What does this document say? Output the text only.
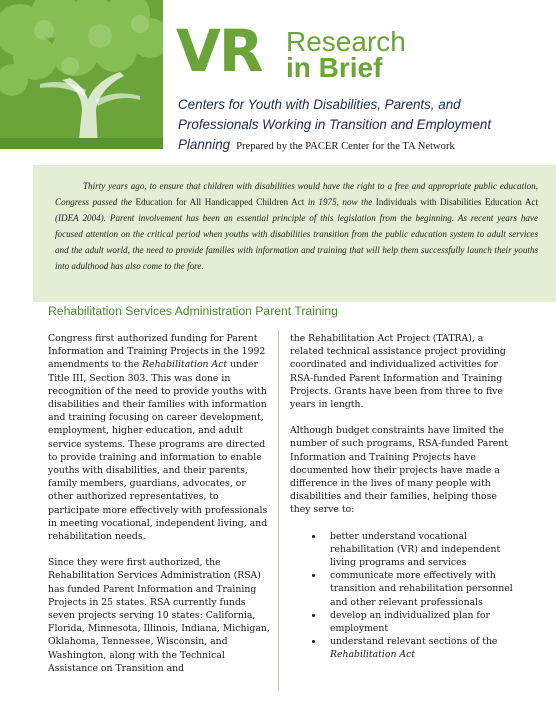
VR Research
in Brief
Centers for Youth with Disabilities, Parents, and Professionals Working in Transition and Employment Planning Prepared by the PACER Center for the TA Network

Thirty years ago, to ensure that children with disabilities would have the right to a free and appropriate public education, Congress passed the Education for All Handicapped Children Act in 1975, now the Individuals with Disabilities Education Act (IDEA 2004). Parent involvement has been an essential principle of this legislation from the beginning. As recent years have focused attention on the critical period when youths with disabilities transition from the public education system to adult services and the adult world, the need to provide families with information and training that will help them successfully launch their youths into adulthood has also come to the fore.

Rehabilitation Services Administration Parent Training

Congress first authorized funding for Parent Information and Training Projects in the 1992 amendments to the Rehabilitation Act under Title III, Section 303. This was done in recognition of the need to provide youths with disabilities and their families with information and training focusing on career development, employment, higher education, and adult service systems. These programs are directed to provide training and information to enable youths with disabilities, and their parents, family members, guardians, advocates, or other authorized representatives, to participate more effectively with professionals in meeting vocational, independent living, and rehabilitation needs.

Since they were first authorized, the Rehabilitation Services Administration (RSA) has funded Parent Information and Training Projects in 25 states. RSA currently funds seven projects serving 10 states: California, Florida, Minnesota, Illinois, Indiana, Michigan, Oklahoma, Tennessee, Wisconsin, and Washington, along with the Technical Assistance on Transition and

the Rehabilitation Act Project (TATRA), a related technical assistance project providing coordinated and individualized activities for RSA-funded Parent Information and Training Projects. Grants have been from three to five years in length.

Although budget constraints have limited the number of such programs, RSA-funded Parent Information and Training Projects have documented how their projects have made a difference in the lives of many people with disabilities and their families, helping those they serve to:

• better understand vocational rehabilitation (VR) and independent living programs and services
• communicate more effectively with transition and rehabilitation personnel and other relevant professionals
• develop an individualized plan for employment
• understand relevant sections of the Rehabilitation Act
